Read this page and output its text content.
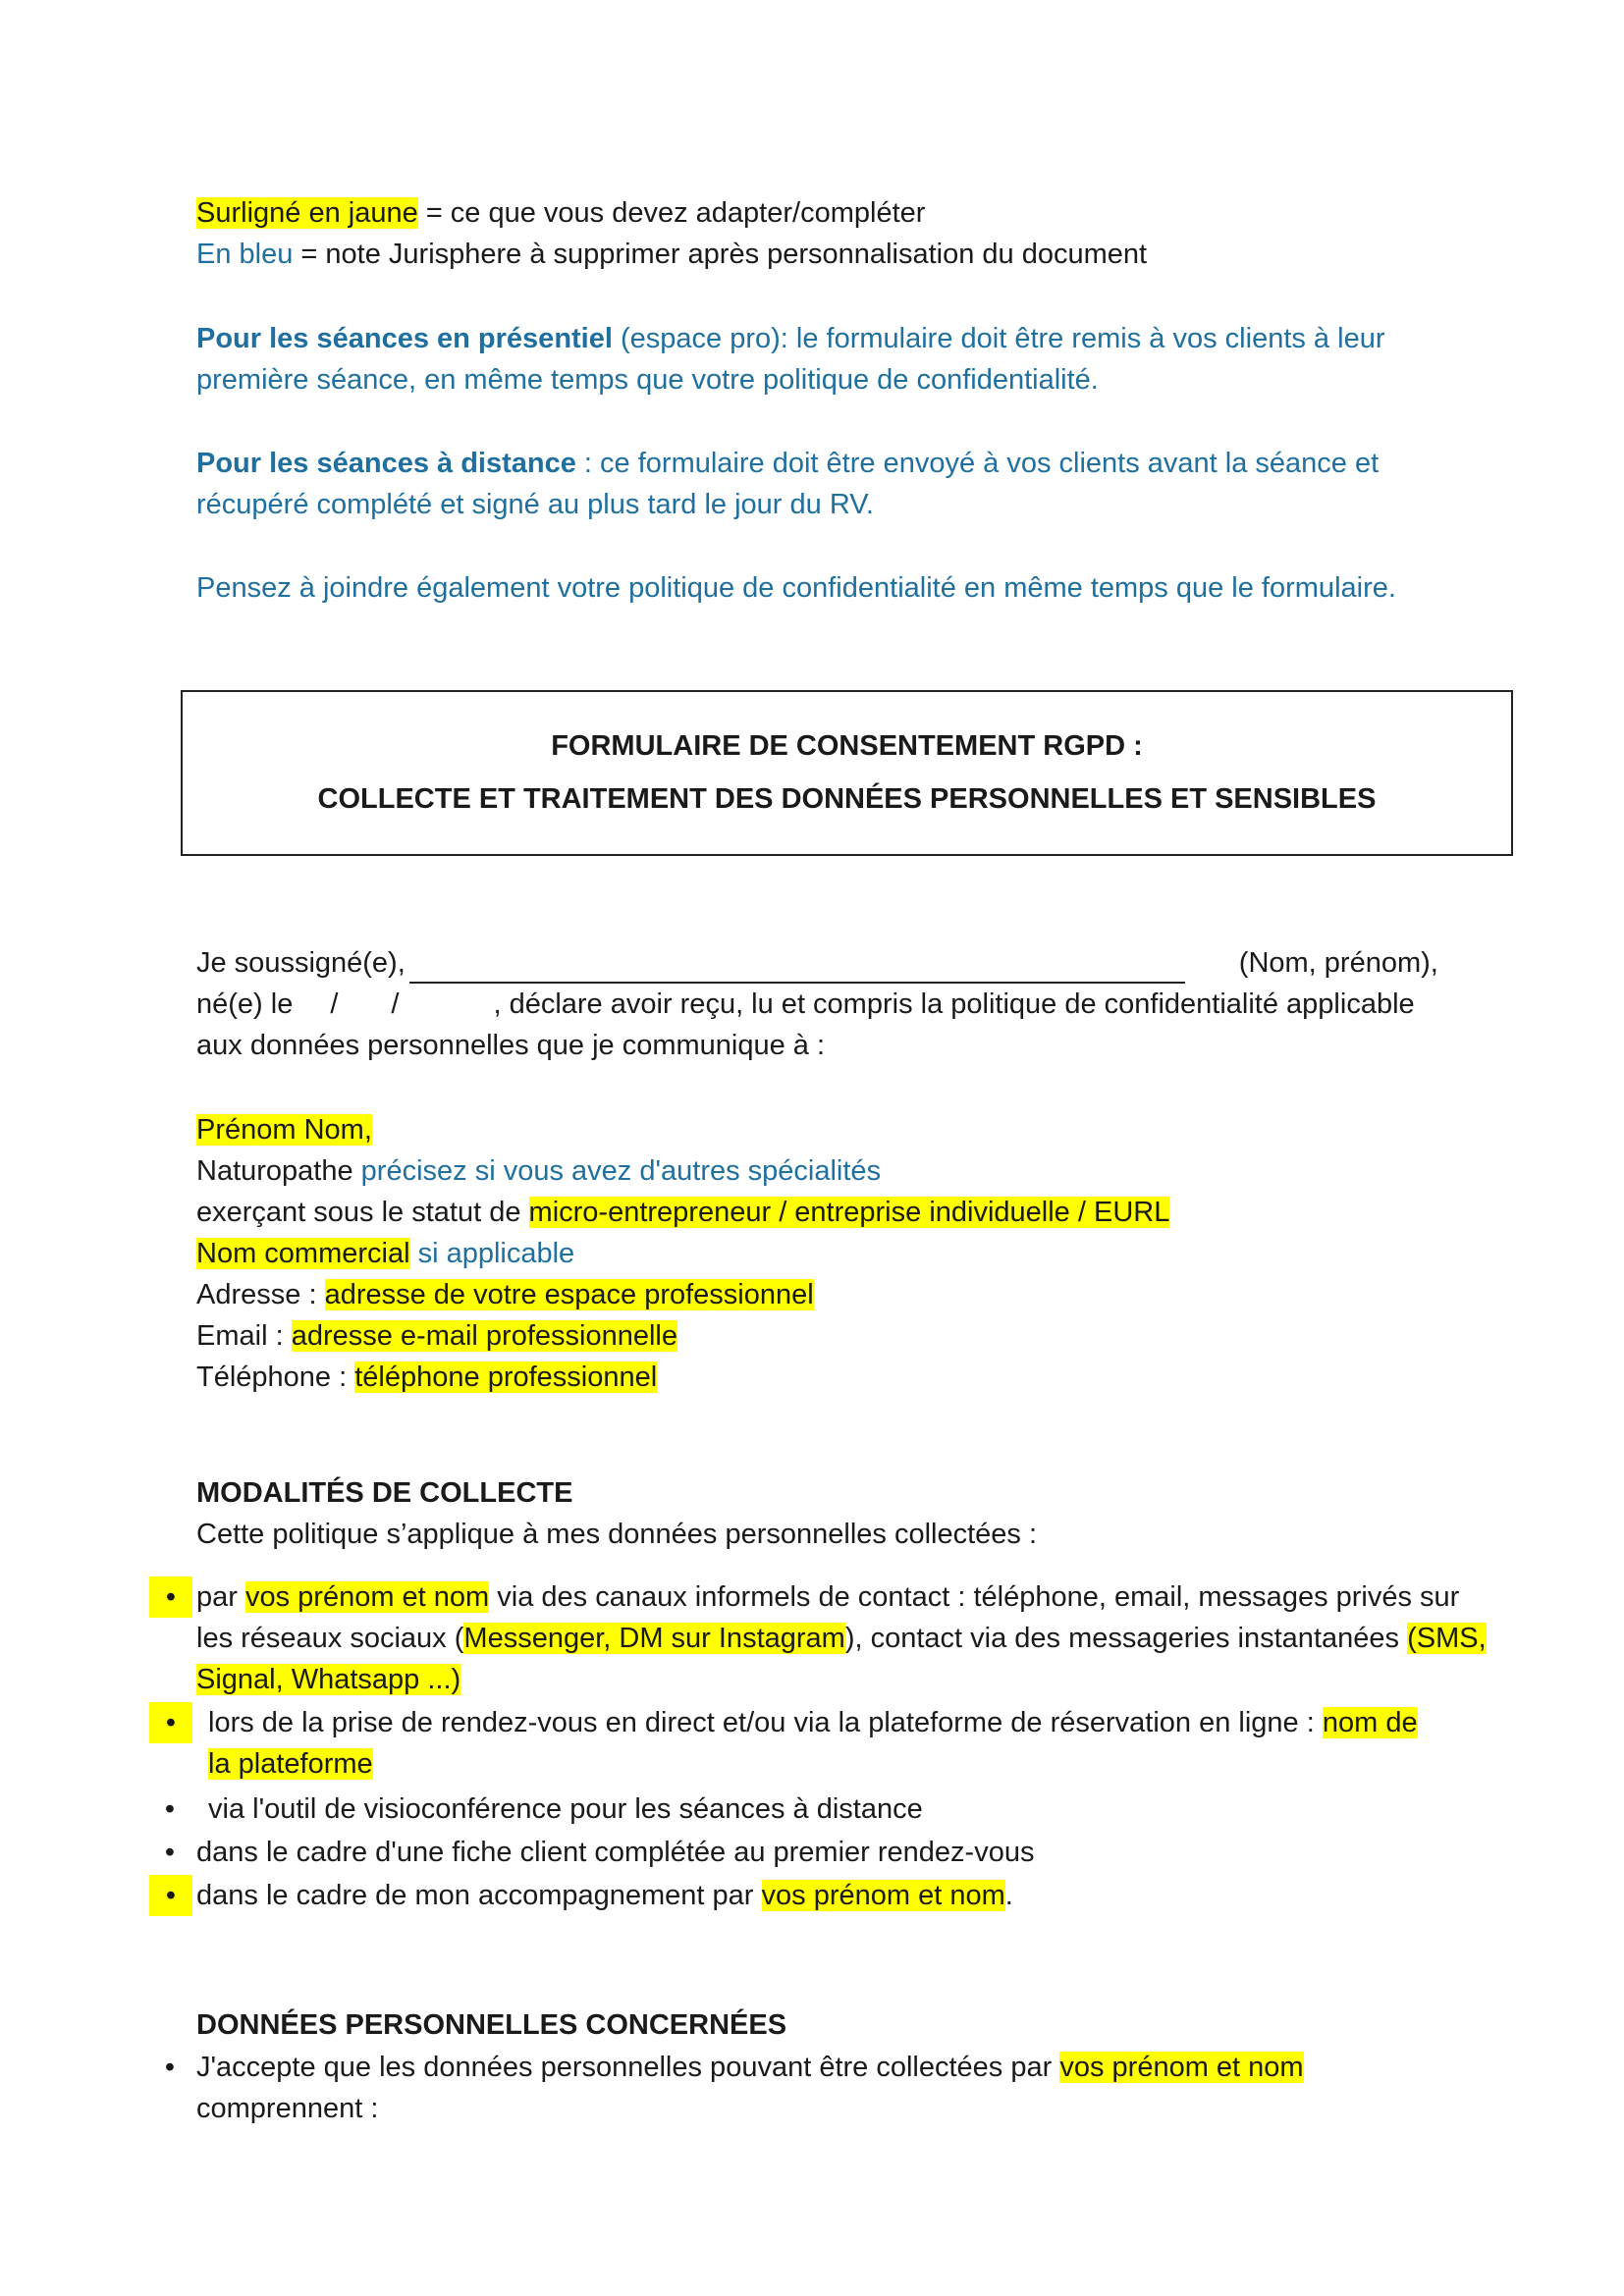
Surligné en jaune = ce que vous devez adapter/compléter
En bleu = note Jurisphere à supprimer après personnalisation du document
Pour les séances en présentiel (espace pro): le formulaire doit être remis à vos clients à leur
première séance, en même temps que votre politique de confidentialité.
Pour les séances à distance : ce formulaire doit être envoyé à vos clients avant la séance et
récupéré complété et signé au plus tard le jour du RV.
Pensez à joindre également votre politique de confidentialité en même temps que le formulaire.
FORMULAIRE DE CONSENTEMENT RGPD :
COLLECTE ET TRAITEMENT DES DONNÉES PERSONNELLES ET SENSIBLES
Je soussigné(e),	(Nom, prénom),
né(e) le / /	, déclare avoir reçu, lu et compris la politique de confidentialité applicable
aux données personnelles que je communique à :
Prénom Nom,
Naturopathe précisez si vous avez d'autres spécialités
exerçant sous le statut de micro-entrepreneur / entreprise individuelle / EURL
Nom commercial si applicable
Adresse : adresse de votre espace professionnel
Email : adresse e-mail professionnelle
Téléphone : téléphone professionnel
MODALITÉS DE COLLECTE
Cette politique s’applique à mes données personnelles collectées :
• par vos prénom et nom via des canaux informels de contact : téléphone, email, messages privés sur
les réseaux sociaux (Messenger, DM sur Instagram), contact via des messageries instantanées (SMS,
Signal, Whatsapp ...)
•	lors de la prise de rendez-vous en direct et/ou via la plateforme de réservation en ligne : nom de
la plateforme
•	via l'outil de visioconférence pour les séances à distance
• dans le cadre d'une fiche client complétée au premier rendez-vous
• dans le cadre de mon accompagnement par vos prénom et nom.
DONNÉES PERSONNELLES CONCERNÉES
• J'accepte que les données personnelles pouvant être collectées par vos prénom et nom
comprennent :
